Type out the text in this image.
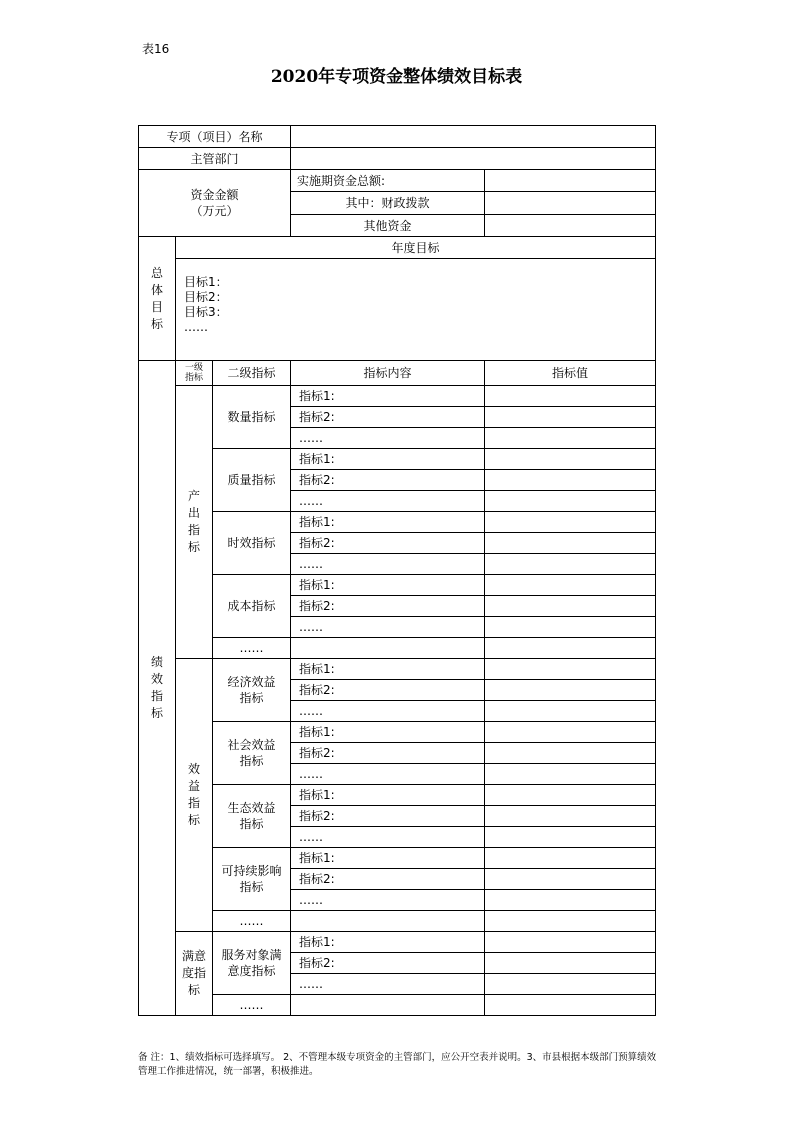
表16
2020年专项资金整体绩效目标表
专项（项目）名称				
主管部门				
资金金额
（万元）			实施期资金总额:	
			其中：财政拨款	
			其他资金	
总体目标	年度目标			

	目标1：
目标2：
目标3：
……			

绩效指标	一级指标	二级指标	指标内容	指标值
	产出指标	数量指标	指标1:	
			指标2:	
			……	
		质量指标	指标1:	
			指标2:	
			……	
		时效指标	指标1:	
			指标2:	
			……	
		成本指标	指标1:	
			指标2:	
			……	
		……		
	效益指标	经济效益指标	指标1:	
			指标2:	
			……	
		社会效益指标	指标1:	
			指标2:	
			……	
		生态效益指标	指标1:	
			指标2:	
			……	
		可持续影响指标	指标1:	
			指标2:	
			……	
		……		
	满意度指标	服务对象满意度指标	指标1:	
			指标2:	
			……	
		……		
备 注：1、绩效指标可选择填写。 2、不管理本级专项资金的主管部门，应公开空表并说明。3、市县根据本级部门预算绩效管理工作推进情况，统一部署，积极推进。
